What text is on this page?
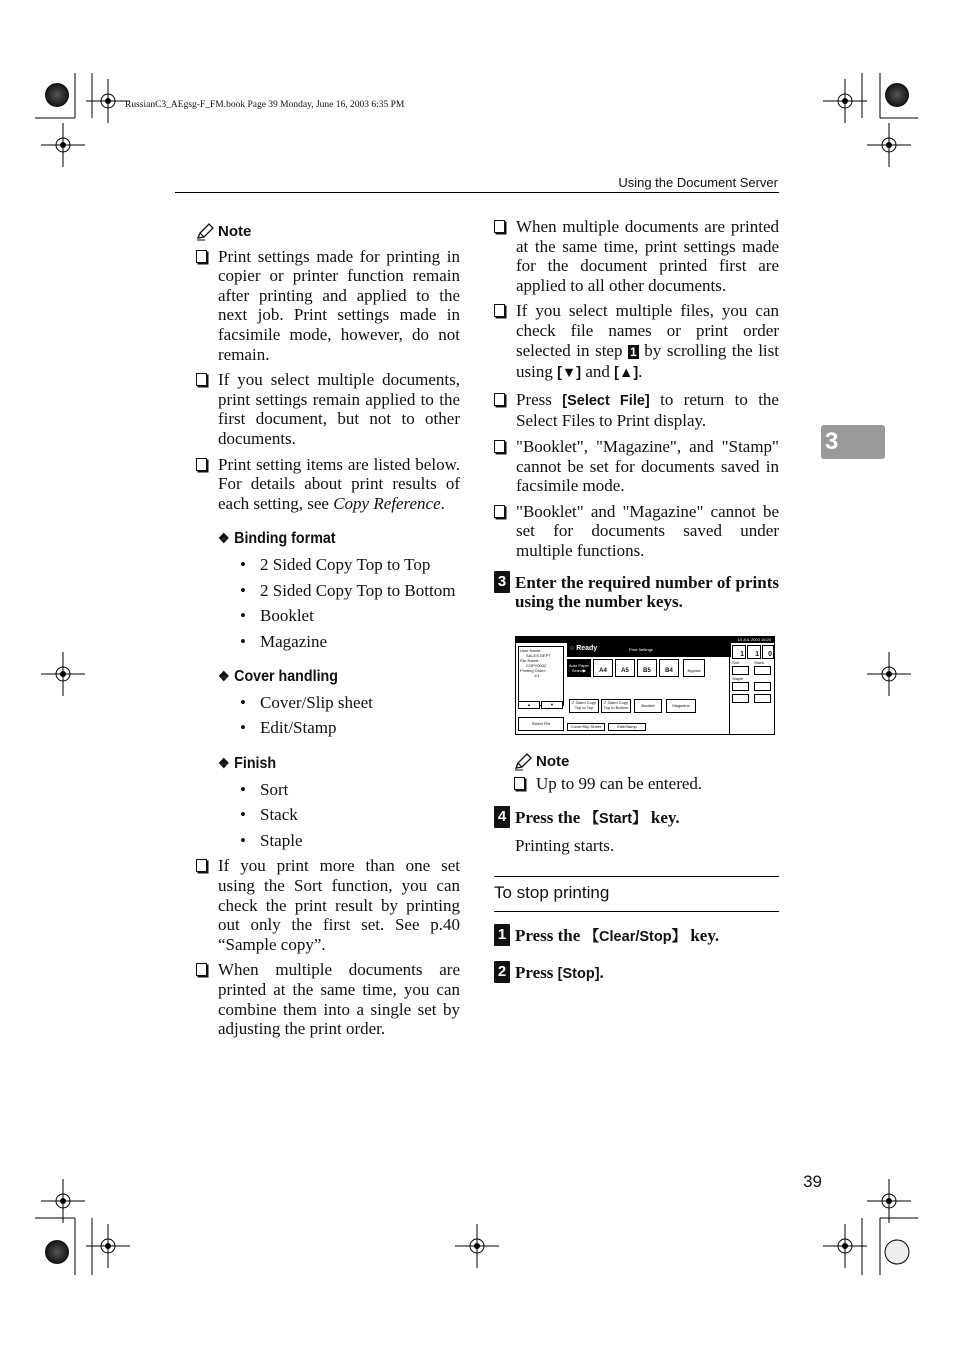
RussianC3_AEgsg-F_FM.book Page 39 Monday, June 16, 2003 6:35 PM
Using the Document Server
3
Note
Print settings made for printing in copier or printer function remain after printing and applied to the next job. Print settings made in facsimile mode, however, do not remain.
If you select multiple documents, print settings remain applied to the first document, but not to other documents.
Print setting items are listed below. For details about print results of each setting, see Copy Reference.
❖ Binding format
• 2 Sided Copy Top to Top
• 2 Sided Copy Top to Bottom
• Booklet
• Magazine
❖ Cover handling
• Cover/Slip sheet
• Edit/Stamp
❖ Finish
• Sort
• Stack
• Staple
If you print more than one set using the Sort function, you can check the print result by printing out only the first set. See p.40 “Sample copy”.
When multiple documents are printed at the same time, you can combine them into a single set by adjusting the print order.
When multiple documents are printed at the same time, print settings made for the document printed first are applied to all other documents.
If you select multiple files, you can check file names or print order selected in step 1 by scrolling the list using [▼] and [▲].
Press [Select File] to return to the Select Files to Print display.
"Booklet", "Magazine", and "Stamp" cannot be set for documents saved in facsimile mode.
"Booklet" and "Magazine" cannot be set for documents saved under multiple functions.
3 Enter the required number of prints using the number keys.
15 JUL 2003 15:20
○ Ready	Print Settings
User Name:
SALES DEPT
File Name:
COPY0002
Printing Order:
1/1
Auto Paper Select▶	A4	A5	B5	B4	Bypass
▲	▼	2 Sided Copy Top to Top
2 Sided Copy Top to Bottom	Booklet	Magazine
Cover/Slip Sheet	Edit/Stamp
Select File
1	1	0
Sort	Stack
Staple
Note
Up to 99 can be entered.
4 Press the 【Start】 key.
Printing starts.
To stop printing
1 Press the 【Clear/Stop】 key.
2 Press [Stop].
39
